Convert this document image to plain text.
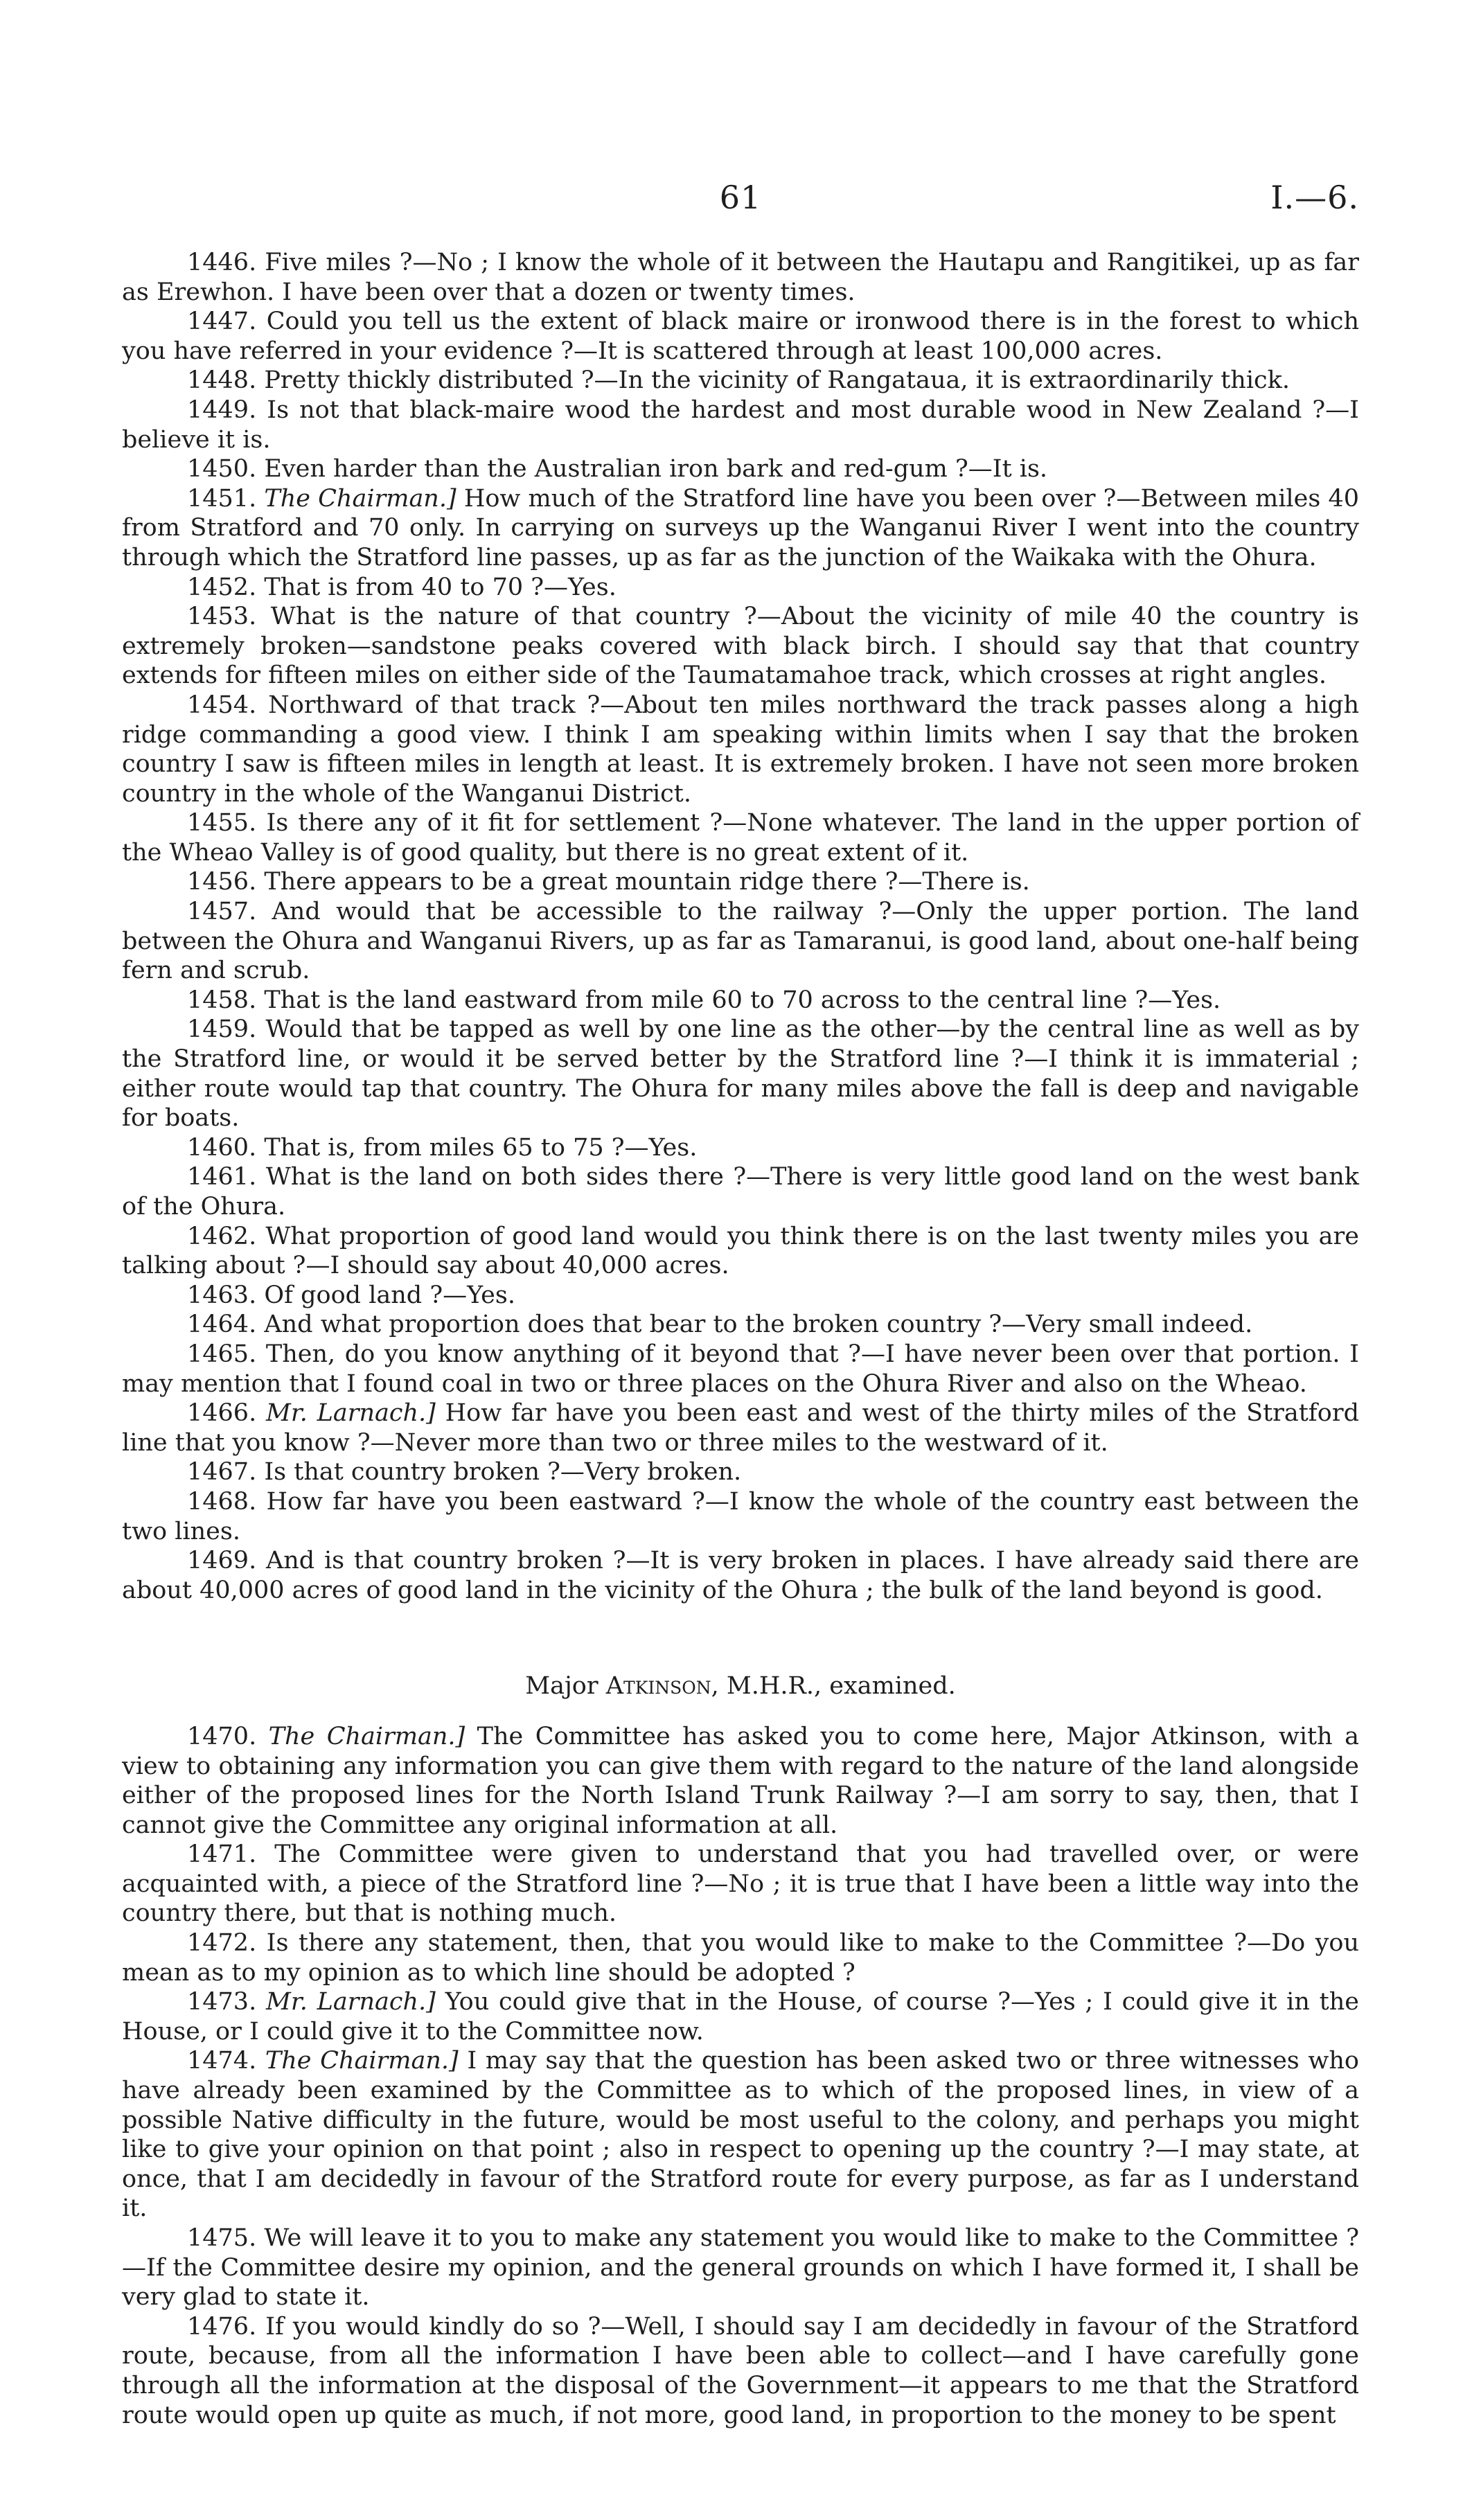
61	I.—6.

1446. Five miles ?—No ; I know the whole of it between the Hautapu and Rangitikei, up as far as Erewhon. I have been over that a dozen or twenty times.

1447. Could you tell us the extent of black maire or ironwood there is in the forest to which you have referred in your evidence ?—It is scattered through at least 100,000 acres.

1448. Pretty thickly distributed ?—In the vicinity of Rangataua, it is extraordinarily thick.

1449. Is not that black-maire wood the hardest and most durable wood in New Zealand ?—I believe it is.

1450. Even harder than the Australian iron bark and red-gum ?—It is.

1451. The Chairman.] How much of the Stratford line have you been over ?—Between miles 40 from Stratford and 70 only. In carrying on surveys up the Wanganui River I went into the country through which the Stratford line passes, up as far as the junction of the Waikaka with the Ohura.

1452. That is from 40 to 70 ?—Yes.

1453. What is the nature of that country ?—About the vicinity of mile 40 the country is extremely broken—sandstone peaks covered with black birch. I should say that that country extends for fifteen miles on either side of the Taumatamahoe track, which crosses at right angles.

1454. Northward of that track ?—About ten miles northward the track passes along a high ridge commanding a good view. I think I am speaking within limits when I say that the broken country I saw is fifteen miles in length at least. It is extremely broken. I have not seen more broken country in the whole of the Wanganui District.

1455. Is there any of it fit for settlement ?—None whatever. The land in the upper portion of the Wheao Valley is of good quality, but there is no great extent of it.

1456. There appears to be a great mountain ridge there ?—There is.

1457. And would that be accessible to the railway ?—Only the upper portion. The land between the Ohura and Wanganui Rivers, up as far as Tamaranui, is good land, about one-half being fern and scrub.

1458. That is the land eastward from mile 60 to 70 across to the central line ?—Yes.

1459. Would that be tapped as well by one line as the other—by the central line as well as by the Stratford line, or would it be served better by the Stratford line ?—I think it is immaterial ; either route would tap that country. The Ohura for many miles above the fall is deep and navigable for boats.

1460. That is, from miles 65 to 75 ?—Yes.

1461. What is the land on both sides there ?—There is very little good land on the west bank of the Ohura.

1462. What proportion of good land would you think there is on the last twenty miles you are talking about ?—I should say about 40,000 acres.

1463. Of good land ?—Yes.

1464. And what proportion does that bear to the broken country ?—Very small indeed.

1465. Then, do you know anything of it beyond that ?—I have never been over that portion. I may mention that I found coal in two or three places on the Ohura River and also on the Wheao.

1466. Mr. Larnach.] How far have you been east and west of the thirty miles of the Stratford line that you know ?—Never more than two or three miles to the westward of it.

1467. Is that country broken ?—Very broken.

1468. How far have you been eastward ?—I know the whole of the country east between the two lines.

1469. And is that country broken ?—It is very broken in places. I have already said there are about 40,000 acres of good land in the vicinity of the Ohura ; the bulk of the land beyond is good.

Major Atkinson, M.H.R., examined.

1470. The Chairman.] The Committee has asked you to come here, Major Atkinson, with a view to obtaining any information you can give them with regard to the nature of the land alongside either of the proposed lines for the North Island Trunk Railway ?—I am sorry to say, then, that I cannot give the Committee any original information at all.

1471. The Committee were given to understand that you had travelled over, or were acquainted with, a piece of the Stratford line ?—No ; it is true that I have been a little way into the country there, but that is nothing much.

1472. Is there any statement, then, that you would like to make to the Committee ?—Do you mean as to my opinion as to which line should be adopted ?

1473. Mr. Larnach.] You could give that in the House, of course ?—Yes ; I could give it in the House, or I could give it to the Committee now.

1474. The Chairman.] I may say that the question has been asked two or three witnesses who have already been examined by the Committee as to which of the proposed lines, in view of a possible Native difficulty in the future, would be most useful to the colony, and perhaps you might like to give your opinion on that point ; also in respect to opening up the country ?—I may state, at once, that I am decidedly in favour of the Stratford route for every purpose, as far as I understand it.

1475. We will leave it to you to make any statement you would like to make to the Committee ?—If the Committee desire my opinion, and the general grounds on which I have formed it, I shall be very glad to state it.

1476. If you would kindly do so ?—Well, I should say I am decidedly in favour of the Stratford route, because, from all the information I have been able to collect—and I have carefully gone through all the information at the disposal of the Government—it appears to me that the Stratford route would open up quite as much, if not more, good land, in proportion to the money to be spent
